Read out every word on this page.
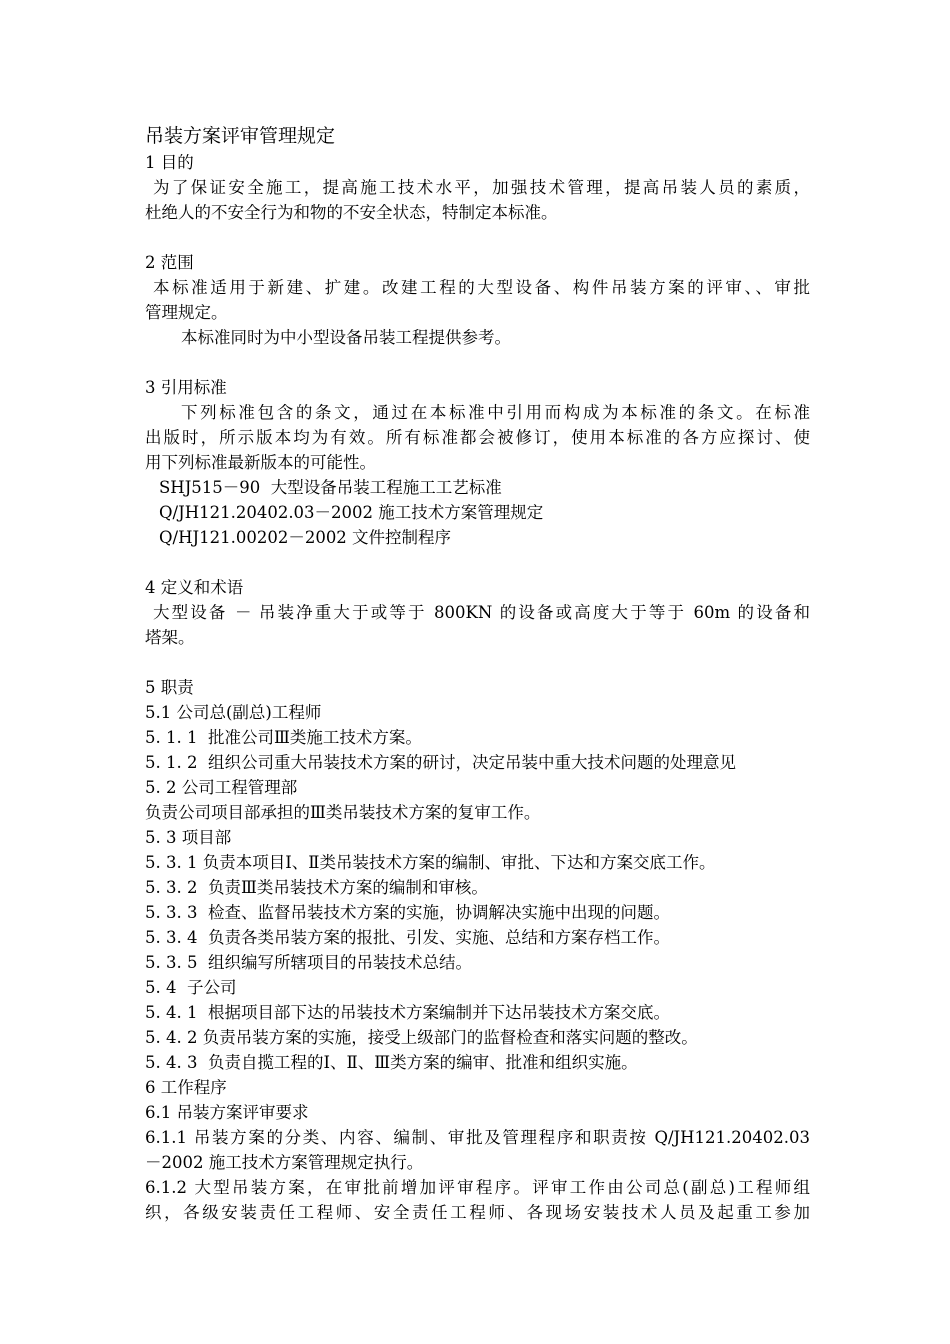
吊装方案评审管理规定

1 目的

为了保证安全施工，提高施工技术水平，加强技术管理，提高吊装人员的素质，

杜绝人的不安全行为和物的不安全状态，特制定本标准。

2 范围

本标准适用于新建、扩建。改建工程的大型设备、构件吊装方案的评审、、审批

管理规定。

本标准同时为中小型设备吊装工程提供参考。

3 引用标准

下列标准包含的条文，通过在本标准中引用而构成为本标准的条文。在标准

出版时，所示版本均为有效。所有标准都会被修订，使用本标准的各方应探讨、使

用下列标准最新版本的可能性。

SHJ515－90  大型设备吊装工程施工工艺标准

Q/JH121.20402.03－2002 施工技术方案管理规定

Q/HJ121.00202－2002 文件控制程序

4 定义和术语

大型设备 － 吊装净重大于或等于 800KN 的设备或高度大于等于 60m 的设备和

塔架。

5 职责

5.1 公司总(副总)工程师

5. 1. 1  批准公司Ⅲ类施工技术方案。

5. 1. 2  组织公司重大吊装技术方案的研讨，决定吊装中重大技术问题的处理意见

5. 2 公司工程管理部

负责公司项目部承担的Ⅲ类吊装技术方案的复审工作。

5. 3 项目部

5. 3. 1 负责本项目Ⅰ、Ⅱ类吊装技术方案的编制、审批、下达和方案交底工作。

5. 3. 2  负责Ⅲ类吊装技术方案的编制和审核。

5. 3. 3  检查、监督吊装技术方案的实施，协调解决实施中出现的问题。

5. 3. 4  负责各类吊装方案的报批、引发、实施、总结和方案存档工作。

5. 3. 5  组织编写所辖项目的吊装技术总结。

5. 4  子公司

5. 4. 1  根据项目部下达的吊装技术方案编制并下达吊装技术方案交底。

5. 4. 2 负责吊装方案的实施，接受上级部门的监督检查和落实问题的整改。

5. 4. 3  负责自揽工程的Ⅰ、Ⅱ、Ⅲ类方案的编审、批准和组织实施。

6 工作程序

6.1 吊装方案评审要求

6.1.1 吊装方案的分类、内容、编制、审批及管理程序和职责按 Q/JH121.20402.03

－2002 施工技术方案管理规定执行。

6.1.2 大型吊装方案，在审批前增加评审程序。评审工作由公司总(副总)工程师组

织，各级安装责任工程师、安全责任工程师、各现场安装技术人员及起重工参加
